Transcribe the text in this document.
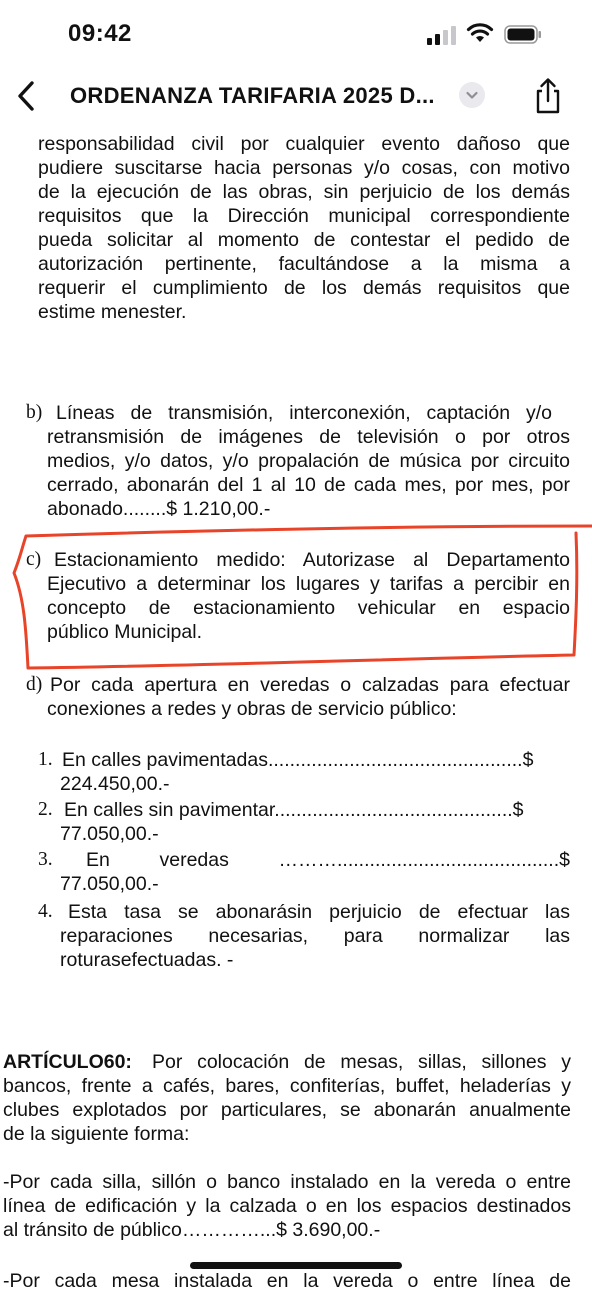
09:42
ORDENANZA TARIFARIA 2025 D...
responsabilidad civil por cualquier evento dañoso que
pudiere suscitarse hacia personas y/o cosas, con motivo
de la ejecución de las obras, sin perjuicio de los demás
requisitos que la Dirección municipal correspondiente
pueda solicitar al momento de contestar el pedido de
autorización pertinente, facultándose a la misma a
requerir el cumplimiento de los demás requisitos que
estime menester.
b) Líneas de transmisión, interconexión, captación y/o
retransmisión de imágenes de televisión o por otros
medios, y/o datos, y/o propalación de música por circuito
cerrado, abonarán del 1 al 10 de cada mes, por mes, por
abonado........$ 1.210,00.-
c) Estacionamiento medido: Autorizase al Departamento
Ejecutivo a determinar los lugares y tarifas a percibir en
concepto de estacionamiento vehicular en espacio
público Municipal.
d) Por cada apertura en veredas o calzadas para efectuar
conexiones a redes y obras de servicio público:
1. En calles pavimentadas...............................................$
224.450,00.-
2. En calles sin pavimentar............................................$
77.050,00.-
3. En veredas ……….........................................$
77.050,00.-
4. Esta tasa se abonarásin perjuicio de efectuar las
reparaciones necesarias, para normalizar las
roturasefectuadas. -
ARTÍCULO60: Por colocación de mesas, sillas, sillones y
bancos, frente a cafés, bares, confiterías, buffet, heladerías y
clubes explotados por particulares, se abonarán anualmente
de la siguiente forma:
-Por cada silla, sillón o banco instalado en la vereda o entre
línea de edificación y la calzada o en los espacios destinados
al tránsito de público…………...$ 3.690,00.-
-Por cada mesa instalada en la vereda o entre línea de
